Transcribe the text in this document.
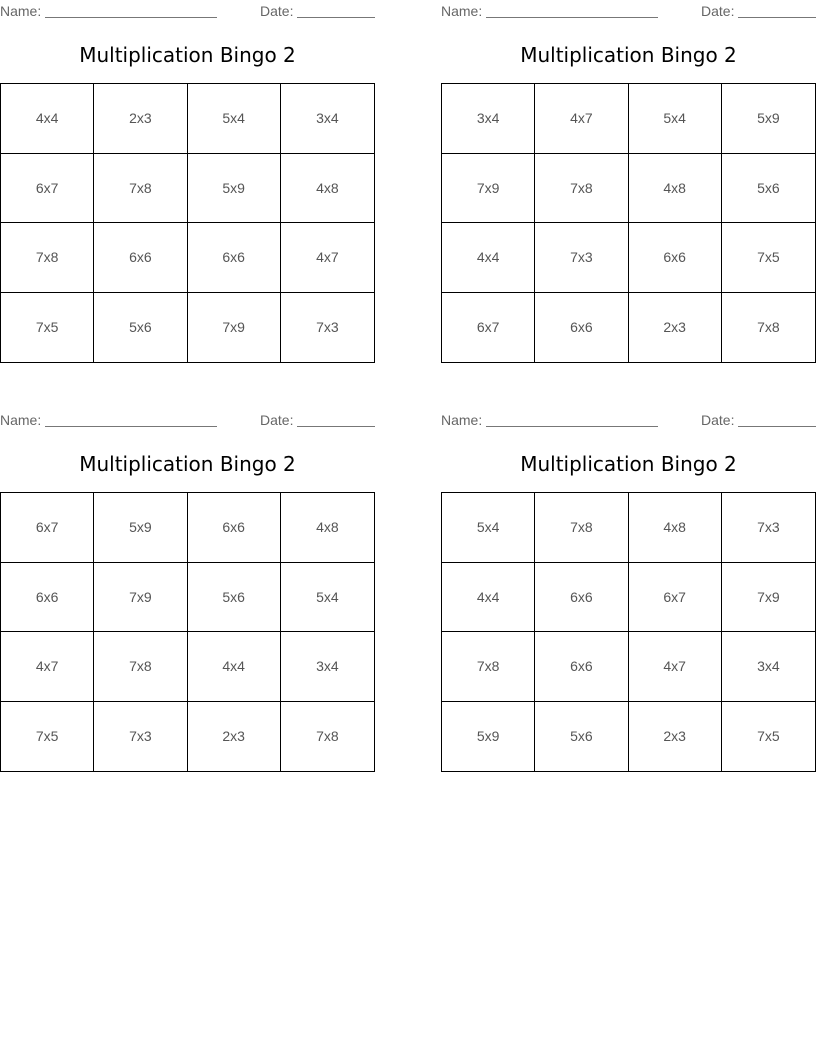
Name:	Date:
Multiplication Bingo 2
4x4	2x3	5x4	3x4
6x7	7x8	5x9	4x8
7x8	6x6	6x6	4x7
7x5	5x6	7x9	7x3
Name:	Date:
Multiplication Bingo 2
3x4	4x7	5x4	5x9
7x9	7x8	4x8	5x6
4x4	7x3	6x6	7x5
6x7	6x6	2x3	7x8
Name:	Date:
Multiplication Bingo 2
6x7	5x9	6x6	4x8
6x6	7x9	5x6	5x4
4x7	7x8	4x4	3x4
7x5	7x3	2x3	7x8
Name:	Date:
Multiplication Bingo 2
5x4	7x8	4x8	7x3
4x4	6x6	6x7	7x9
7x8	6x6	4x7	3x4
5x9	5x6	2x3	7x5
